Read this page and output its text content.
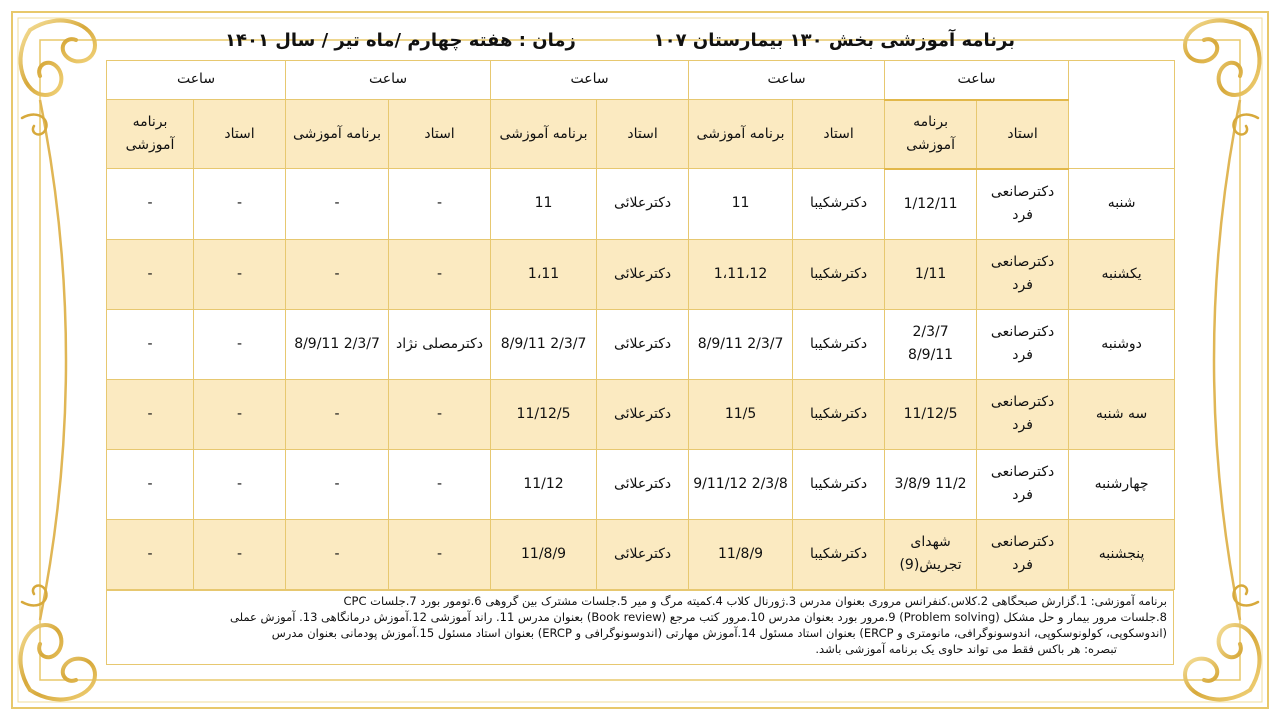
برنامه آموزشی بخش ۱۳۰ بیمارستان ۱۰۷
زمان : هفته چهارم /ماه تیر / سال ۱۴۰۱
	ساعت		ساعت		ساعت		ساعت		ساعت	
	استاد	برنامه آموزشی	استاد	برنامه آموزشی	استاد	برنامه آموزشی	استاد	برنامه آموزشی	استاد	برنامه آموزشی
شنبه	دکترصانعی فرد	1/12/11	دکترشکیبا	11	دکترعلائی	11	-	-	-	-
یکشنبه	دکترصانعی فرد	1/11	دکترشکیبا	1،11،12	دکترعلائی	1،11	-	-	-	-
دوشنبه	دکترصانعی فرد	2/3/7 8/9/11	دکترشکیبا	2/3/7 8/9/11	دکترعلائی	2/3/7 8/9/11	دکترمصلی نژاد	2/3/7 8/9/11	-	-
سه شنبه	دکترصانعی فرد	11/12/5	دکترشکیبا	11/5	دکترعلائی	11/12/5	-	-	-	-
چهارشنبه	دکترصانعی فرد	11/2 3/8/9	دکترشکیبا	2/3/8 9/11/12	دکترعلائی	11/12	-	-	-	-
پنجشنبه	دکترصانعی فرد	شهدای تجریش(9)	دکترشکیبا	11/8/9	دکترعلائی	11/8/9	-	-	-	-
برنامه آموزشی: 1.گزارش صبحگاهی 2.کلاس.کنفرانس مروری بعنوان مدرس 3.ژورنال کلاب 4.کمیته مرگ و میر 5.جلسات مشترک بین گروهی 6.تومور بورد 7.جلسات CPC
8.جلسات مرور بیمار و حل مشکل (Problem solving) 9.مرور بورد بعنوان مدرس 10.مرور کتب مرجع (Book review) بعنوان مدرس 11. راند آموزشی 12.آموزش درمانگاهی 13. آموزش عملی
(اندوسکوپی، کولونوسکوپی، اندوسونوگرافی، مانومتری و ERCP) بعنوان استاد مسئول 14.آموزش مهارتی (اندوسونوگرافی و ERCP) بعنوان استاد مسئول 15.آموزش پودمانی بعنوان مدرس
تبصره: هر باکس فقط می تواند حاوی یک برنامه آموزشی باشد.
